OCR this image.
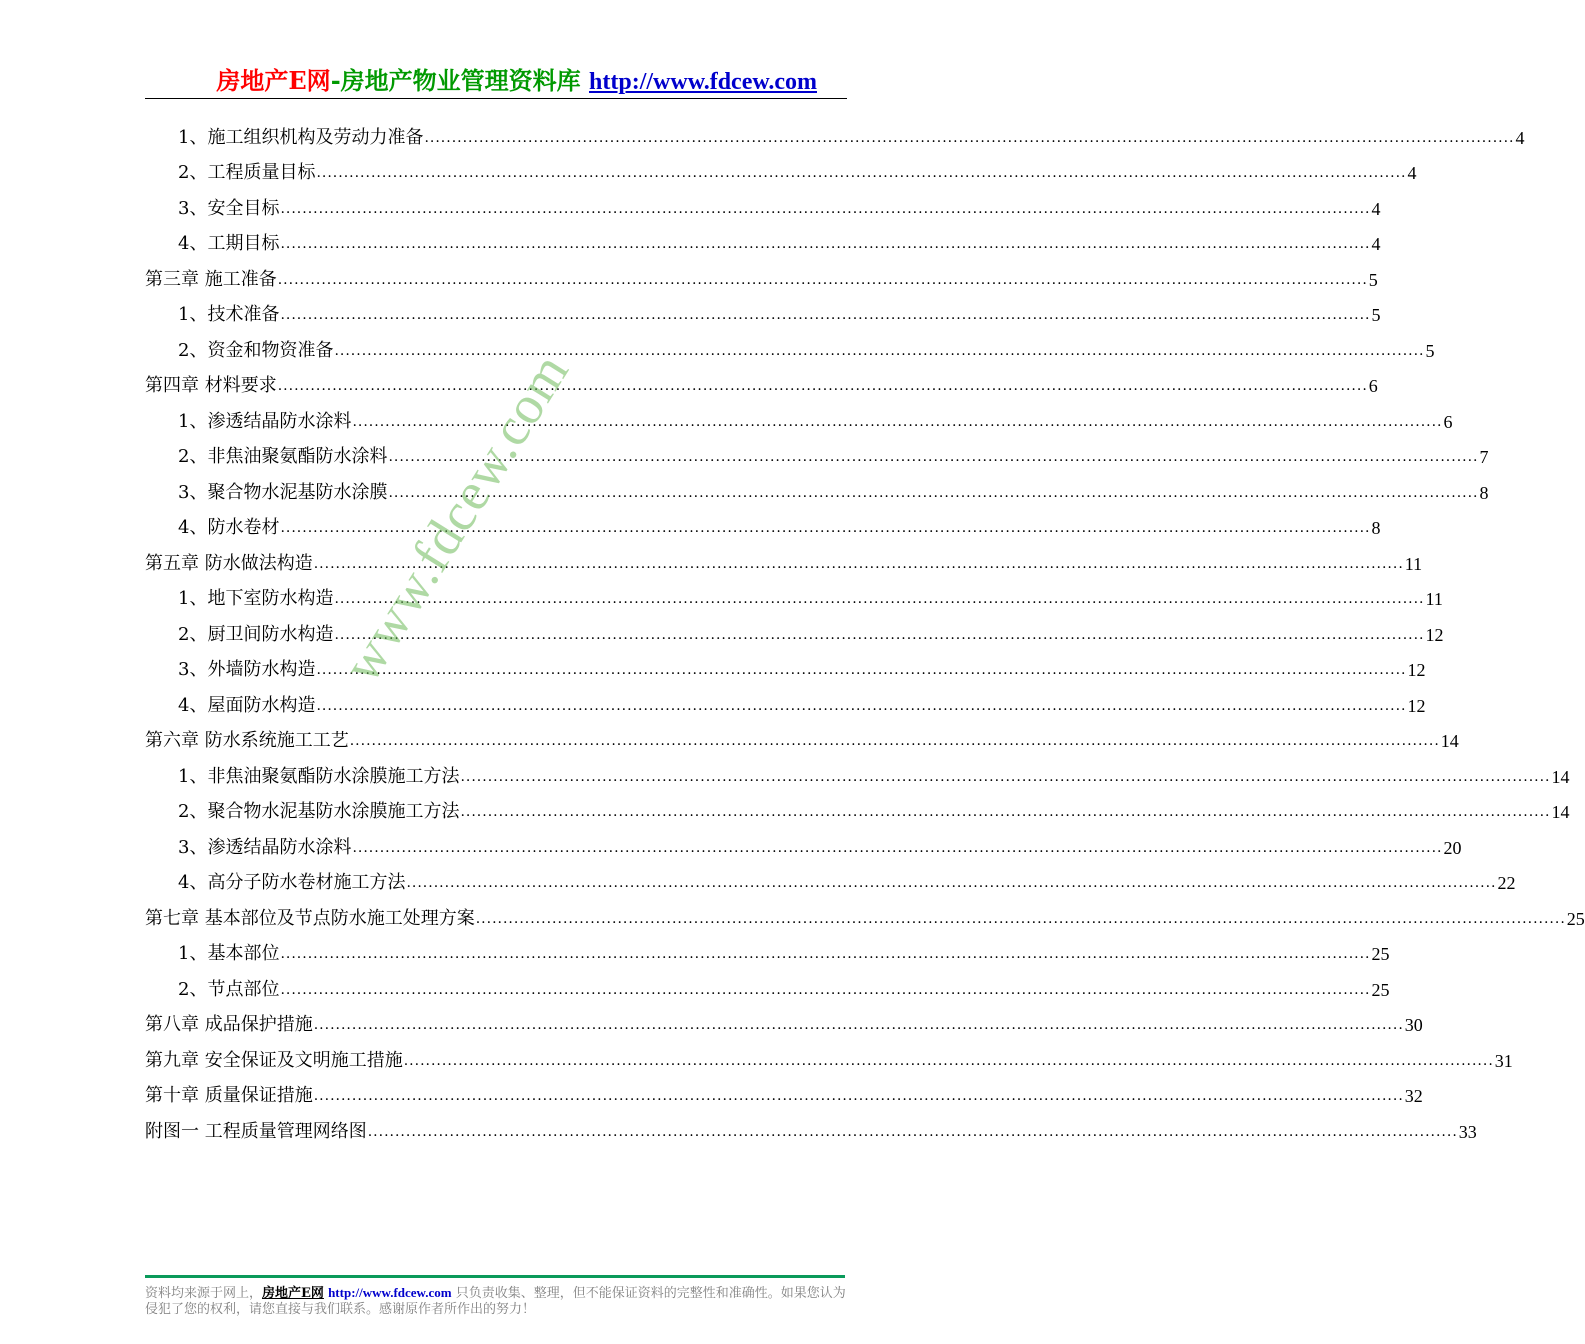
房地产E网-房地产物业管理资料库 http://www.fdcew.com
1、施工组织机构及劳动力准备 ........................................................................................................................................................................................................ 4
2、工程质量目标 ........................................................................................................................................................................................................ 4
3、安全目标 ........................................................................................................................................................................................................ 4
4、工期目标 ........................................................................................................................................................................................................ 4
第三章 施工准备 ........................................................................................................................................................................................................ 5
1、技术准备 ........................................................................................................................................................................................................ 5
2、资金和物资准备 ........................................................................................................................................................................................................ 5
第四章 材料要求 ........................................................................................................................................................................................................ 6
1、渗透结晶防水涂料 ........................................................................................................................................................................................................ 6
2、非焦油聚氨酯防水涂料 ........................................................................................................................................................................................................ 7
3、聚合物水泥基防水涂膜 ........................................................................................................................................................................................................ 8
4、防水卷材 ........................................................................................................................................................................................................ 8
第五章 防水做法构造 ........................................................................................................................................................................................................ 11
1、地下室防水构造 ........................................................................................................................................................................................................ 11
2、厨卫间防水构造 ........................................................................................................................................................................................................ 12
3、外墙防水构造 ........................................................................................................................................................................................................ 12
4、屋面防水构造 ........................................................................................................................................................................................................ 12
第六章 防水系统施工工艺 ........................................................................................................................................................................................................ 14
1、非焦油聚氨酯防水涂膜施工方法 ........................................................................................................................................................................................................ 14
2、聚合物水泥基防水涂膜施工方法 ........................................................................................................................................................................................................ 14
3、渗透结晶防水涂料 ........................................................................................................................................................................................................ 20
4、高分子防水卷材施工方法 ........................................................................................................................................................................................................ 22
第七章 基本部位及节点防水施工处理方案 ........................................................................................................................................................................................................ 25
1、基本部位 ........................................................................................................................................................................................................ 25
2、节点部位 ........................................................................................................................................................................................................ 25
第八章 成品保护措施 ........................................................................................................................................................................................................ 30
第九章 安全保证及文明施工措施 ........................................................................................................................................................................................................ 31
第十章 质量保证措施 ........................................................................................................................................................................................................ 32
附图一 工程质量管理网络图 ........................................................................................................................................................................................................ 33
www.fdcew.com
资料均来源于网上，房地产E网 http://www.fdcew.com 只负责收集、整理，但不能保证资料的完整性和准确性。如果您认为侵犯了您的权利，请您直接与我们联系。感谢原作者所作出的努力！
